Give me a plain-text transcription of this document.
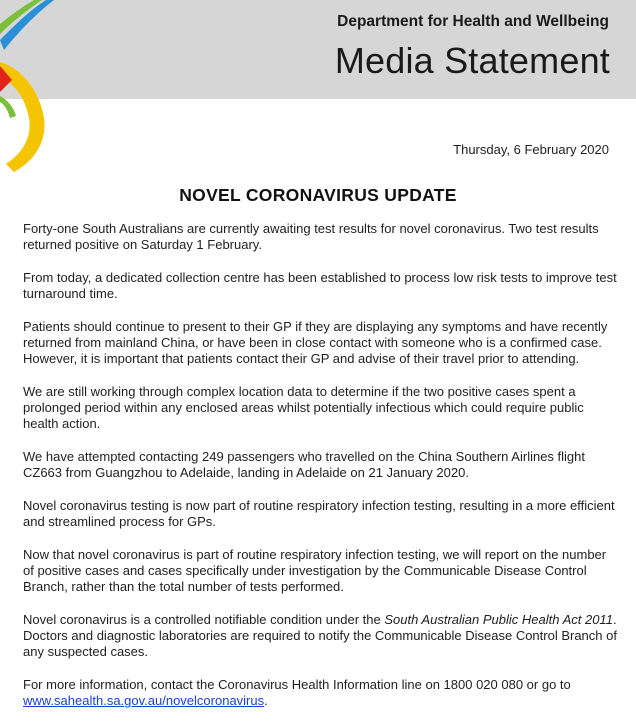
Department for Health and Wellbeing
Media Statement
Thursday, 6 February 2020
NOVEL CORONAVIRUS UPDATE

Forty-one South Australians are currently awaiting test results for novel coronavirus. Two test results returned positive on Saturday 1 February.

From today, a dedicated collection centre has been established to process low risk tests to improve test turnaround time.

Patients should continue to present to their GP if they are displaying any symptoms and have recently returned from mainland China, or have been in close contact with someone who is a confirmed case. However, it is important that patients contact their GP and advise of their travel prior to attending.

We are still working through complex location data to determine if the two positive cases spent a prolonged period within any enclosed areas whilst potentially infectious which could require public health action.

We have attempted contacting 249 passengers who travelled on the China Southern Airlines flight CZ663 from Guangzhou to Adelaide, landing in Adelaide on 21 January 2020.

Novel coronavirus testing is now part of routine respiratory infection testing, resulting in a more efficient and streamlined process for GPs.

Now that novel coronavirus is part of routine respiratory infection testing, we will report on the number of positive cases and cases specifically under investigation by the Communicable Disease Control Branch, rather than the total number of tests performed.

Novel coronavirus is a controlled notifiable condition under the South Australian Public Health Act 2011. Doctors and diagnostic laboratories are required to notify the Communicable Disease Control Branch of any suspected cases.

For more information, contact the Coronavirus Health Information line on 1800 020 080 or go to www.sahealth.sa.gov.au/novelcoronavirus.
